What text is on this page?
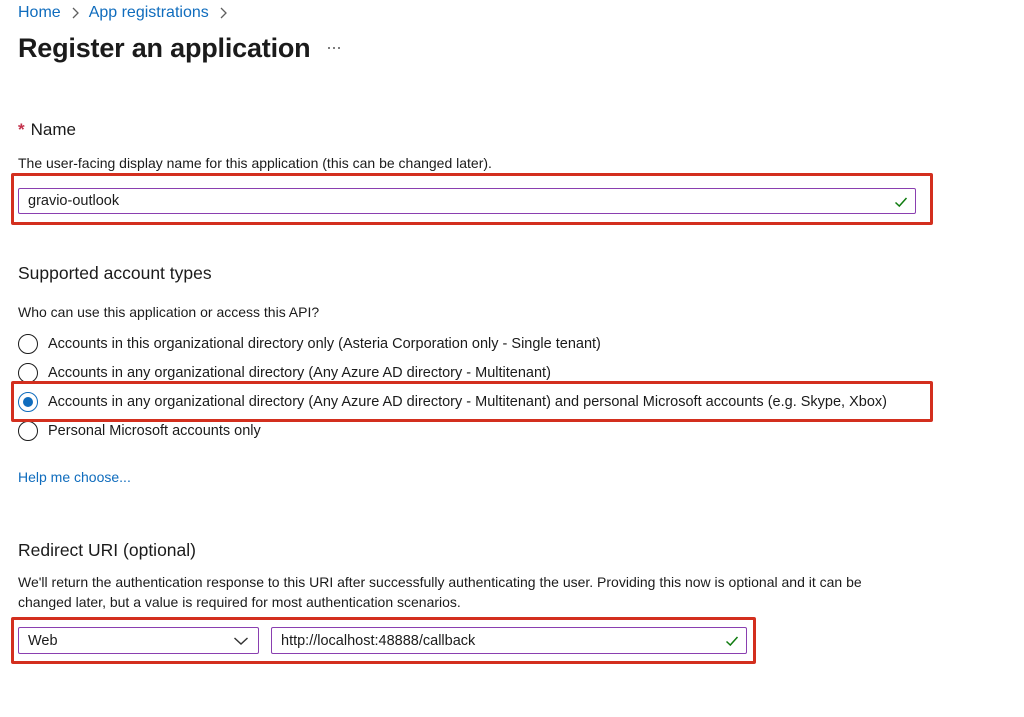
Home App registrations
Register an application
* Name
The user-facing display name for this application (this can be changed later).
gravio-outlook
Supported account types
Who can use this application or access this API?
Accounts in this organizational directory only (Asteria Corporation only - Single tenant)
Accounts in any organizational directory (Any Azure AD directory - Multitenant)
Accounts in any organizational directory (Any Azure AD directory - Multitenant) and personal Microsoft accounts (e.g. Skype, Xbox)
Personal Microsoft accounts only
Help me choose...
Redirect URI (optional)
We'll return the authentication response to this URI after successfully authenticating the user. Providing this now is optional and it can be
changed later, but a value is required for most authentication scenarios.
Web	http://localhost:48888/callback
